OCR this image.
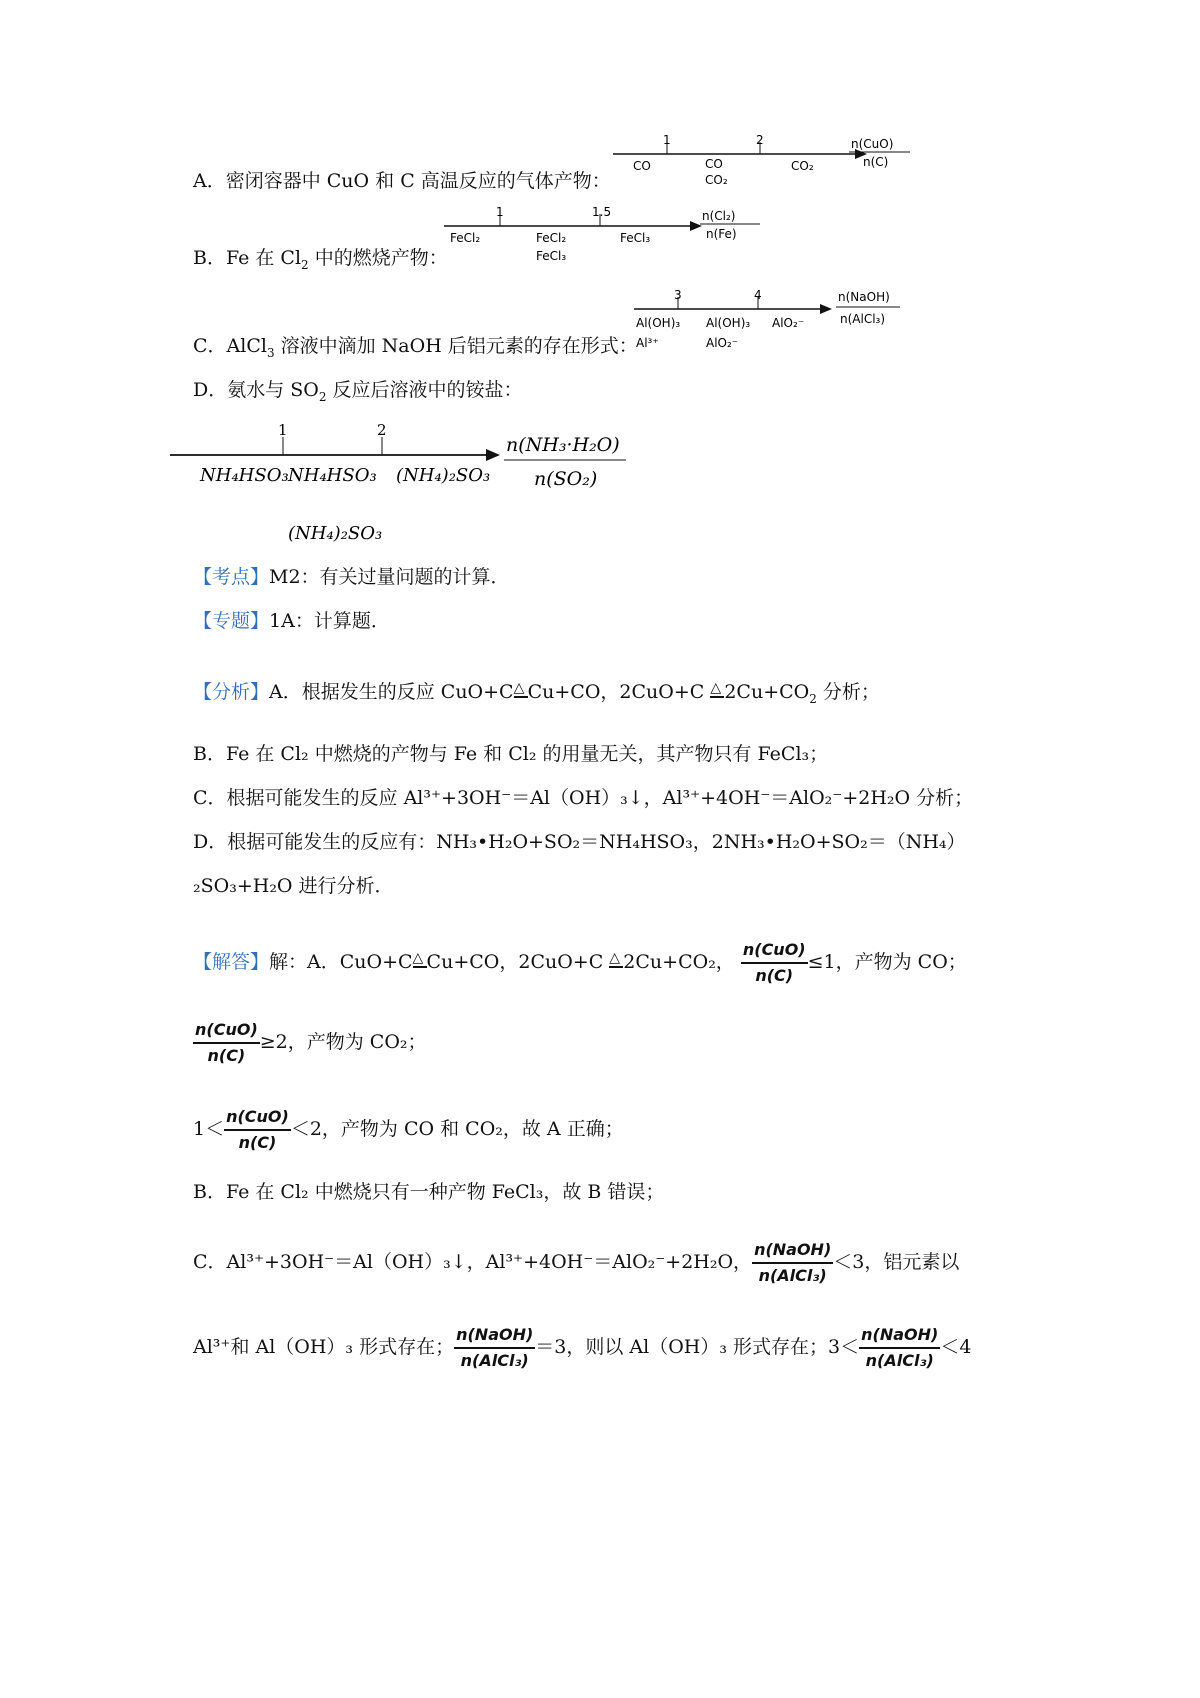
A．密闭容器中 CuO 和 C 高温反应的气体产物：
1	2
CO	CO
CO₂
CO₂
n(CuO)
n(C)
B．Fe 在 $Cl_2$ 中的燃烧产物：
1	1.5
FeCl₂	FeCl₂
FeCl₃
FeCl₃
n(Cl₂)
n(Fe)
C．AlCl$_3$ 溶液中滴加 NaOH 后铝元素的存在形式：
3	4
Al(OH)₃
Al³⁺
Al(OH)₃
AlO₂⁻
AlO₂⁻
n(NaOH)
n(AlCl₃)
D．氨水与 $SO_2$ 反应后溶液中的铵盐：
1	2
NH₄HSO₃ NH₄HSO₃
(NH₄)₂SO₃
(NH₄)₂SO₃
n(NH₃·H₂O)
n(SO₂)
【考点】M2：有关过量问题的计算．
【专题】1A：计算题．
【分析】A．根据发生的反应 CuO+C △ Cu+CO，2CuO+C △ $2Cu+CO_2$ 分析；
B．Fe 在 Cl₂ 中燃烧的产物与 Fe 和 Cl₂ 的用量无关，其产物只有 FeCl₃；
C．根据可能发生的反应 Al³⁺+3OH⁻＝Al（OH）₃↓，Al³⁺+4OH⁻＝AlO₂⁻+2H₂O 分析；
D．根据可能发生的反应有：NH₃•H₂O+SO₂＝NH₄HSO₃，2NH₃•H₂O+SO₂＝（NH₄）
₂SO₃+H₂O 进行分析．
【解答】解：A．CuO+C △ Cu+CO，2CuO+C △ 2Cu+CO₂， $\frac{\text{n(CuO)}}{n(C)} \le 1$，产物为 CO；
$\frac{\text{n(CuO)}}{n(C)} \ge 2$，产物为 CO₂；
$1< \frac{\text{n(CuO)}}{n(C)} <2$，产物为 CO 和 CO₂，故 A 正确；
B．Fe 在 Cl₂ 中燃烧只有一种产物 FeCl₃，故 B 错误；
C．Al³⁺+3OH⁻＝Al（OH）₃↓，Al³⁺+4OH⁻＝AlO₂⁻+2H₂O， $\frac{\text{n(NaOH)}}{\text{n(AlCl₃)}} <3$，铝元素以
Al³⁺和 Al（OH）₃ 形式存在； $\frac{\text{n(NaOH)}}{\text{n(AlCl₃)}} =3$，则以 Al（OH）₃ 形式存在；$3< \frac{\text{n(NaOH)}}{\text{n(AlCl₃)}} <4$
